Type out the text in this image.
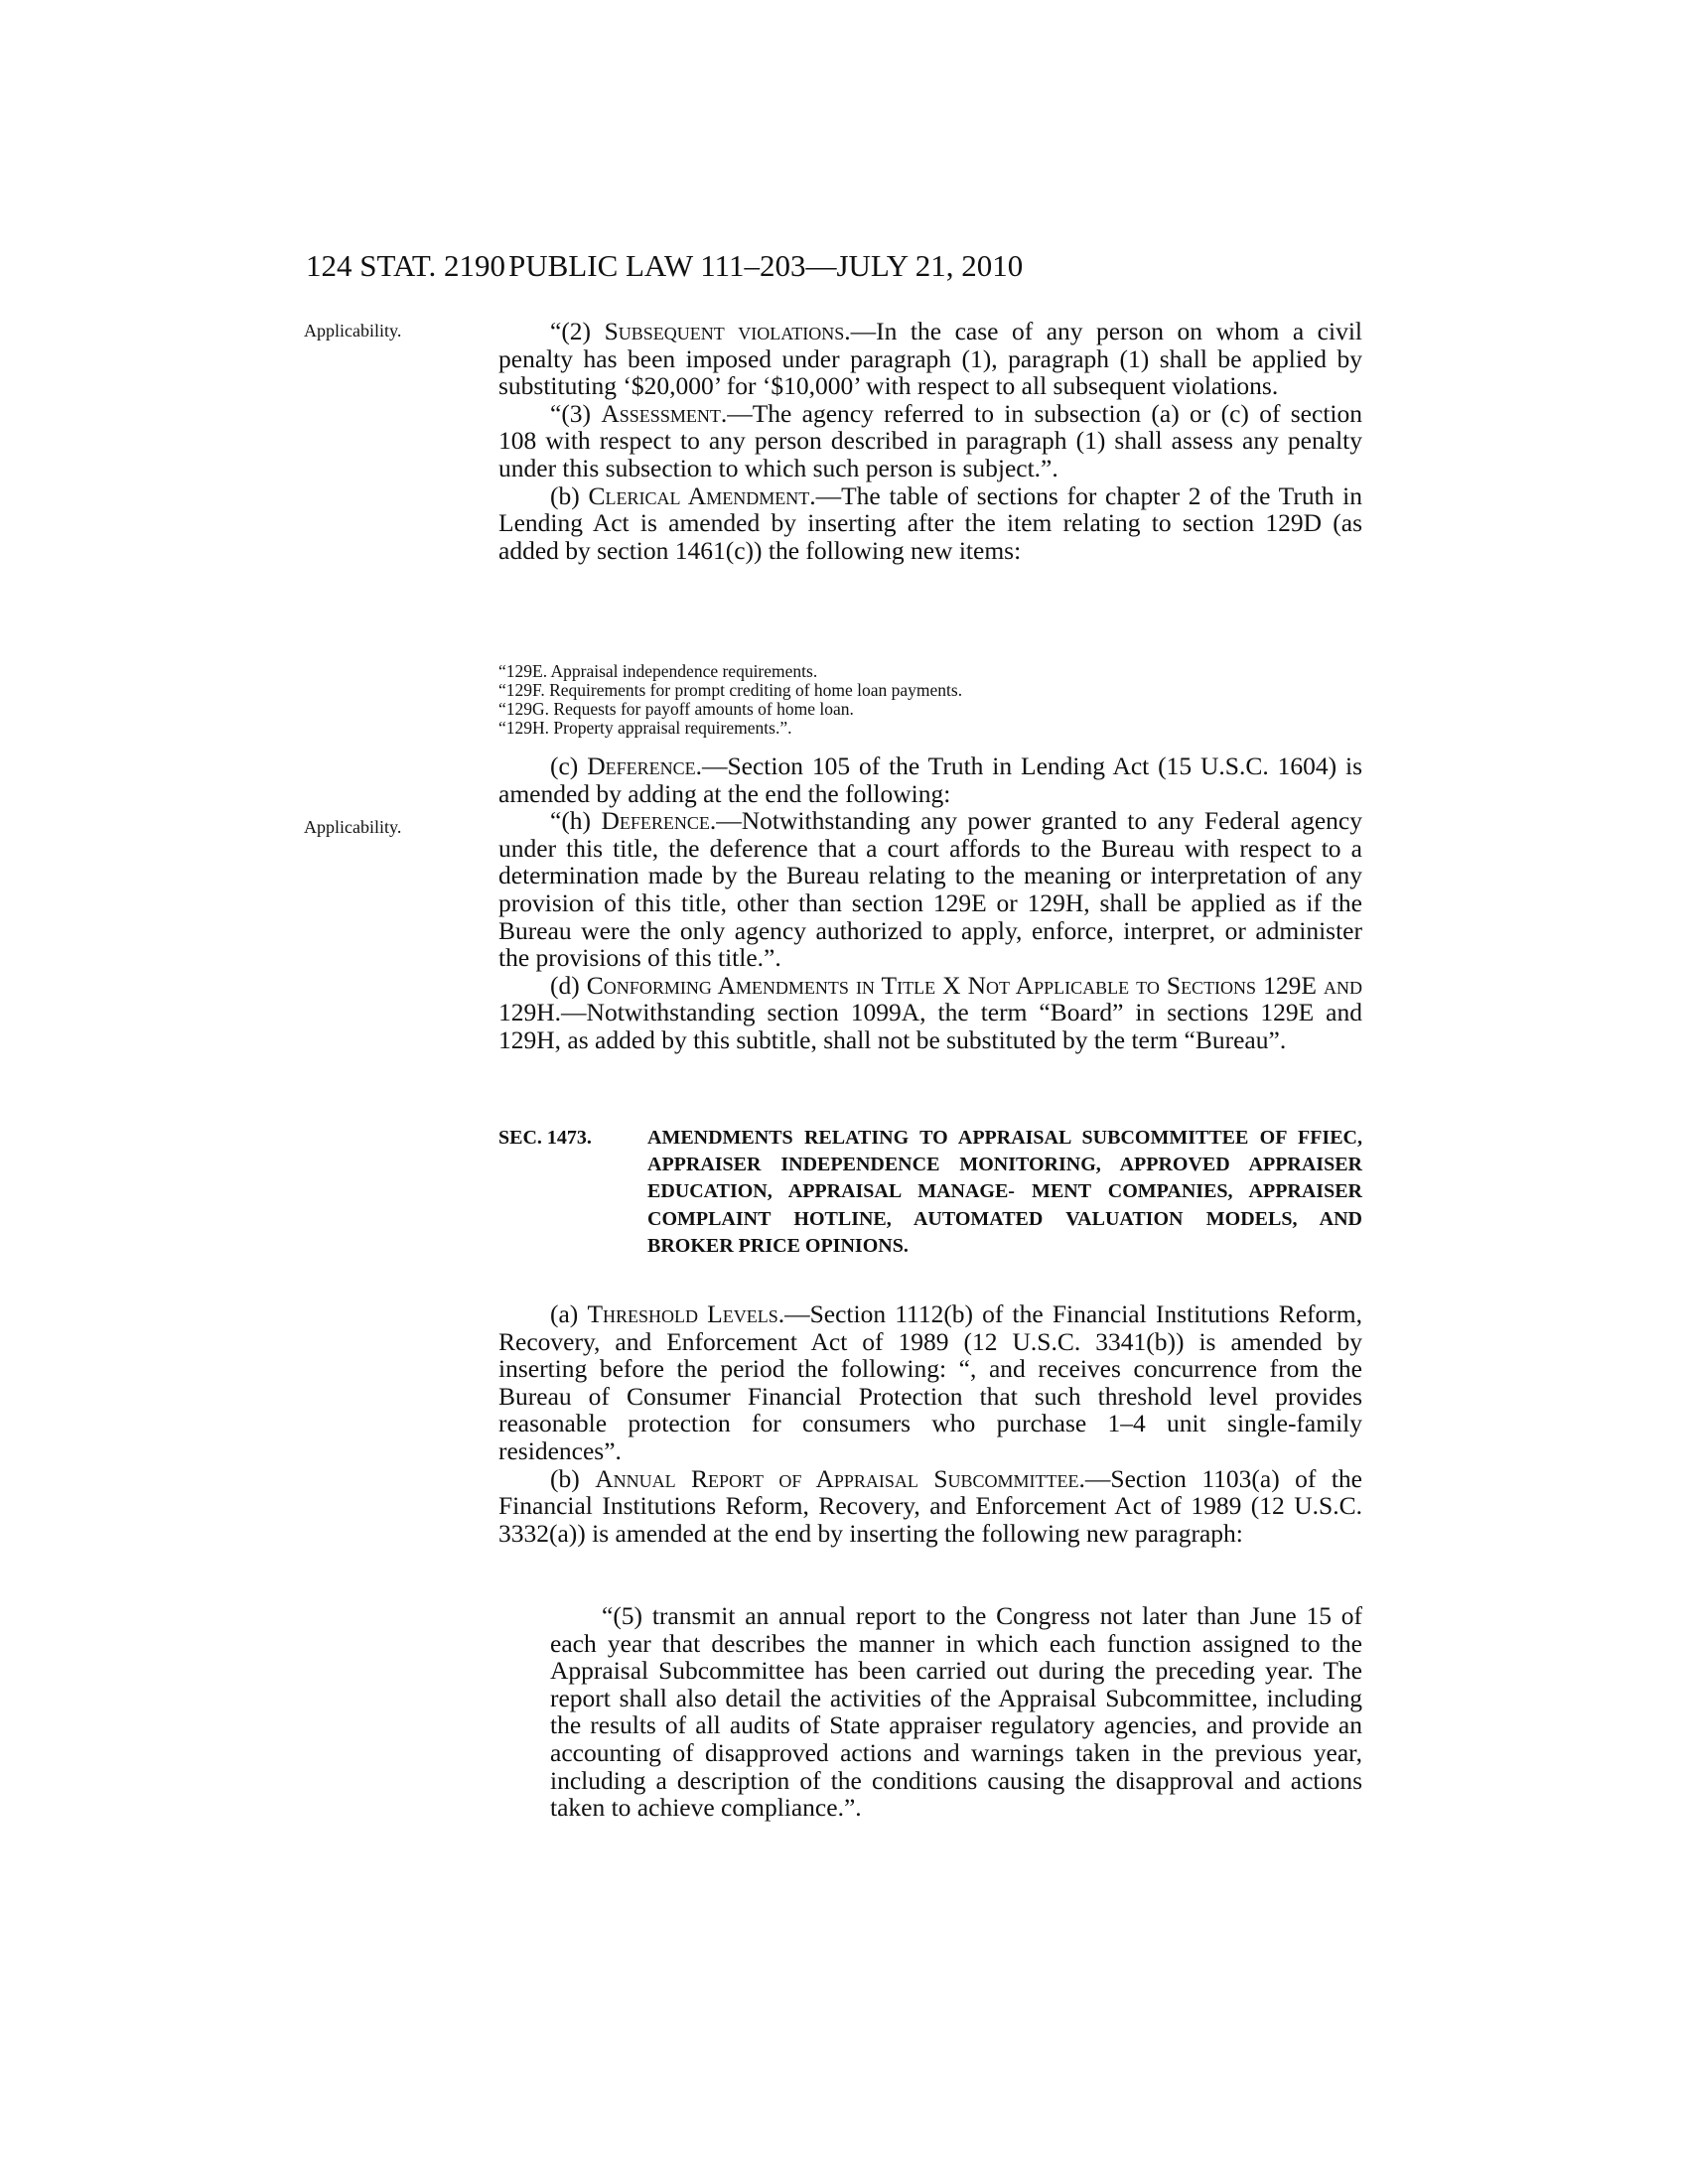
124 STAT. 2190 PUBLIC LAW 111–203—JULY 21, 2010
Applicability.
Applicability.

“(2) Subsequent violations.—In the case of any person on whom a civil penalty has been imposed under paragraph (1), paragraph (1) shall be applied by substituting ‘$20,000’ for ‘$10,000’ with respect to all subsequent violations.

“(3) Assessment.—The agency referred to in subsection (a) or (c) of section 108 with respect to any person described in paragraph (1) shall assess any penalty under this subsection to which such person is subject.”.

(b) Clerical Amendment.—The table of sections for chapter 2 of the Truth in Lending Act is amended by inserting after the item relating to section 129D (as added by section 1461(c)) the following new items:

“129E. Appraisal independence requirements.
“129F. Requirements for prompt crediting of home loan payments.
“129G. Requests for payoff amounts of home loan.
“129H. Property appraisal requirements.”.

(c) Deference.—Section 105 of the Truth in Lending Act (15 U.S.C. 1604) is amended by adding at the end the following:

“(h) Deference.—Notwithstanding any power granted to any Federal agency under this title, the deference that a court affords to the Bureau with respect to a determination made by the Bureau relating to the meaning or interpretation of any provision of this title, other than section 129E or 129H, shall be applied as if the Bureau were the only agency authorized to apply, enforce, interpret, or administer the provisions of this title.”.

(d) Conforming Amendments in Title X Not Applicable to Sections 129E and 129H.—Notwithstanding section 1099A, the term “Board” in sections 129E and 129H, as added by this subtitle, shall not be substituted by the term “Bureau”.

SEC. 1473.	AMENDMENTS RELATING TO APPRAISAL SUBCOMMITTEE OF FFIEC, APPRAISER INDEPENDENCE MONITORING, APPROVED APPRAISER EDUCATION, APPRAISAL MANAGE- MENT COMPANIES, APPRAISER COMPLAINT HOTLINE, AUTOMATED VALUATION MODELS, AND BROKER PRICE OPINIONS.

(a) Threshold Levels.—Section 1112(b) of the Financial Institutions Reform, Recovery, and Enforcement Act of 1989 (12 U.S.C. 3341(b)) is amended by inserting before the period the following: “, and receives concurrence from the Bureau of Consumer Financial Protection that such threshold level provides reasonable protection for consumers who purchase 1–4 unit single-family residences”.

(b) Annual Report of Appraisal Subcommittee.—Section 1103(a) of the Financial Institutions Reform, Recovery, and Enforcement Act of 1989 (12 U.S.C. 3332(a)) is amended at the end by inserting the following new paragraph:

“(5) transmit an annual report to the Congress not later than June 15 of each year that describes the manner in which each function assigned to the Appraisal Subcommittee has been carried out during the preceding year. The report shall also detail the activities of the Appraisal Subcommittee, including the results of all audits of State appraiser regulatory agencies, and provide an accounting of disapproved actions and warnings taken in the previous year, including a description of the conditions causing the disapproval and actions taken to achieve compliance.”.
